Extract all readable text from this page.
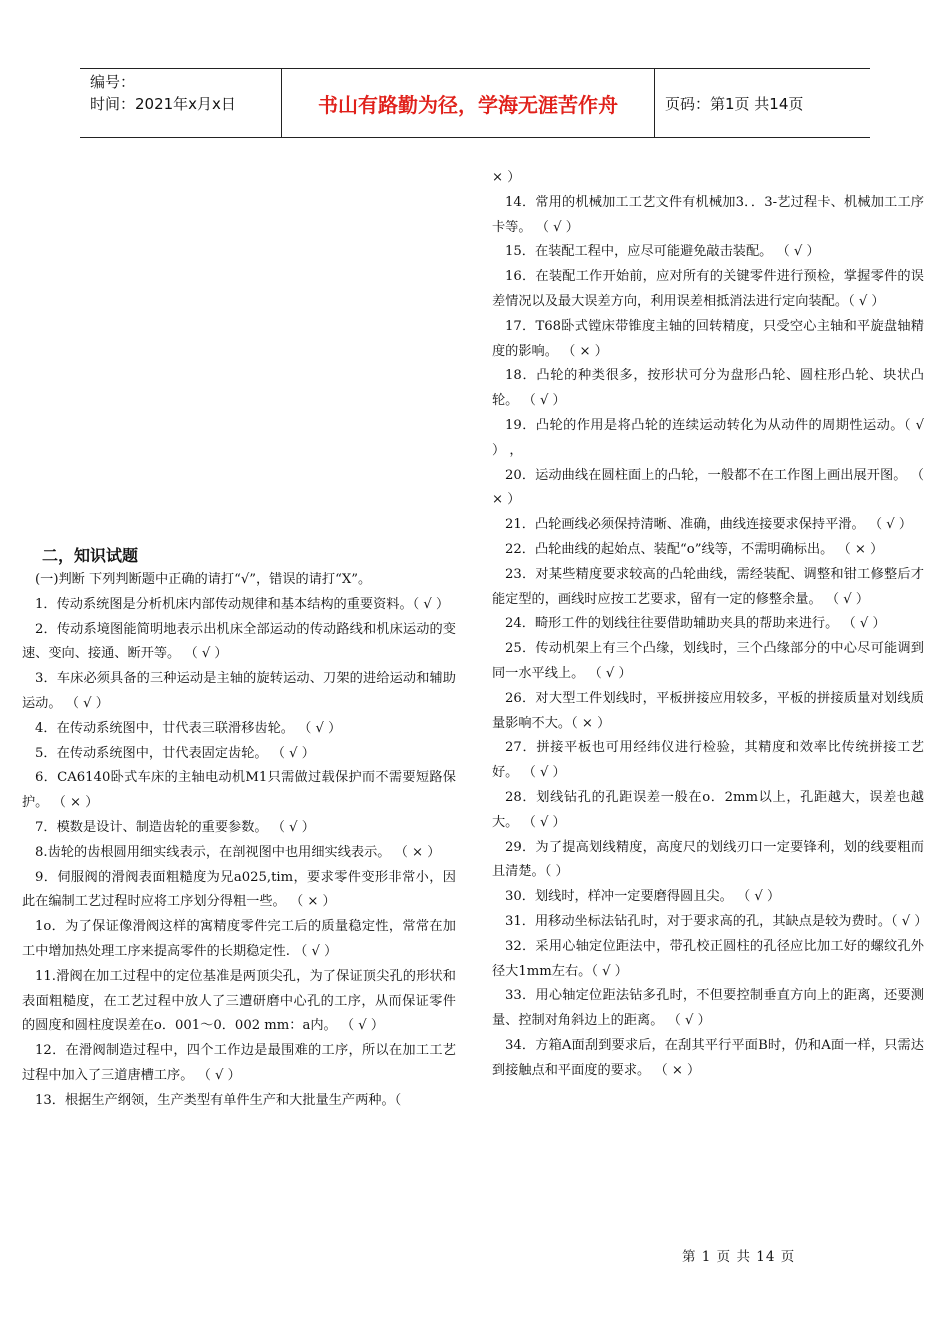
编号：
时间：2021年x月x日	书山有路勤为径，学海无涯苦作舟	页码：第1页 共14页

× ）

14．常用的机械加工工艺文件有机械加3．．3-艺过程卡、机械加工工序卡等。 （ √ ）

15．在装配工程中，应尽可能避免敲击装配。 （ √ ）

16．在装配工作开始前，应对所有的关键零件进行预检，掌握零件的误差情况以及最大误差方向，利用误差相抵消法进行定向装配。（ √ ）

17．T68卧式镗床带锥度主轴的回转精度，只受空心主轴和平旋盘轴精度的影响。 （ × ）

18．凸轮的种类很多，按形状可分为盘形凸轮、圆柱形凸轮、块状凸轮。 （ √ ）

19．凸轮的作用是将凸轮的连续运动转化为从动件的周期性运动。（ √ ） ，

20．运动曲线在圆柱面上的凸轮，一般都不在工作图上画出展开图。 （ × ）

21．凸轮画线必须保持清晰、准确，曲线连接要求保持平滑。 （ √ ）

22．凸轮曲线的起始点、装配“o”线等，不需明确标出。 （ × ）

23．对某些精度要求较高的凸轮曲线，需经装配、调整和钳工修整后才能定型的，画线时应按工艺要求，留有一定的修整余量。 （ √ ）

24．畸形工件的划线往往要借助辅助夹具的帮助来进行。 （ √ ）

25．传动机架上有三个凸缘，划线时，三个凸缘部分的中心尽可能调到同一水平线上。 （ √ ）

26．对大型工件划线时，平板拼接应用较多，平板的拼接质量对划线质量影响不大。（ × ）

27．拼接平板也可用经纬仪进行检验，其精度和效率比传统拼接工艺好。 （ √ ）

28．划线钻孔的孔距误差一般在o．2mm以上，孔距越大，误差也越大。 （ √ ）

29．为了提高划线精度，高度尺的划线刃口一定要锋利，划的线要粗而且清楚。（ ）

30．划线时，样冲一定要磨得圆且尖。 （ √ ）

31．用移动坐标法钻孔时，对于要求高的孔，其缺点是较为费时。（ √ ）

32．采用心轴定位距法中，带孔校正圆柱的孔径应比加工好的螺纹孔外径大1mm左右。（ √ ）

33．用心轴定位距法钻多孔时，不但要控制垂直方向上的距离，还要测量、控制对角斜边上的距离。 （ √ ）

34．方箱A面刮到要求后，在刮其平行平面B时，仍和A面一样，只需达到接触点和平面度的要求。 （ × ）

二，知识试题

(一)判断 下列判断题中正确的请打“√”，错误的请打“X”。

1．传动系统图是分析机床内部传动规律和基本结构的重要资料。（ √ ）

2．传动系境图能简明地表示出机床全部运动的传动路线和机床运动的变速、变向、接通、断开等。 （ √ ）

3．车床必须具备的三种运动是主轴的旋转运动、刀架的进给运动和辅助运动。 （ √ ）

4．在传动系统图中，廿代表三联滑移齿轮。 （ √ ）

5．在传动系统图中，廿代表固定齿轮。 （ √ ）

6．CA6140卧式车床的主轴电动机M1只需做过载保护而不需要短路保护。 （ × ）

7．模数是设计、制造齿轮的重要参数。 （ √ ）

8.齿轮的齿根圆用细实线表示，在剖视图中也用细实线表示。 （ × ）

9．伺服阀的滑阀表面粗糙度为兄a025,tim，要求零件变形非常小，因此在编制工艺过程时应将工序划分得粗一些。 （ × ）

1o．为了保证像滑阀这样的寓精度零件完工后的质量稳定性，常常在加工中增加热处理工序来提高零件的长期稳定性. （ √ ）

11.滑阀在加工过程中的定位基准是两顶尖孔，为了保证顶尖孔的形状和表面粗糙度，在工艺过程中放人了三遭研磨中心孔的工序，从而保证零件的圆度和圆柱度误差在o．001～0．002 mm：a内。 （ √ ）

12．在滑阀制造过程中，四个工作边是最围难的工序，所以在加工工艺过程中加入了三道唐槽工序。 （ √ ）

13．根据生产纲领，生产类型有单件生产和大批量生产两种。（

第 1 页 共 14 页
